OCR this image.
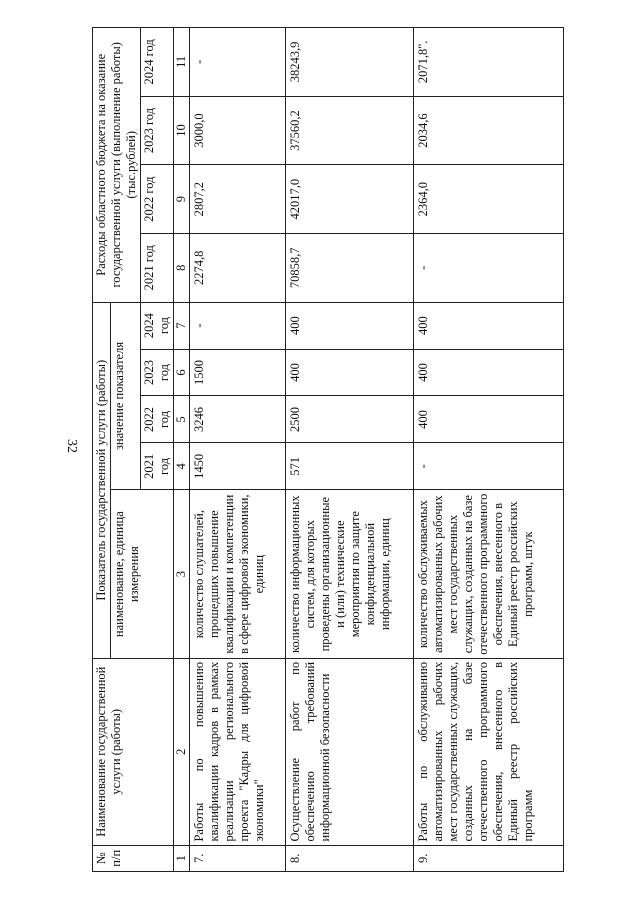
32
№ п/п	Наименование государственной услуги (работы)	Показатель государственной услуги (работы)					Расходы областного бюджета на оказание государственной услуги (выполнение работы) (тыс.рублей)			
		наименование, единица измерения	значение показателя							
			2021 год	2022 год	2023 год	2024 год	2021 год	2022 год	2023 год	2024 год
1	2	3	4	5	6	7	8	9	10	11
7.	Работы по повышению квалификации кадров в рамках реализации регионального проекта "Кадры для цифровой экономики"	количество слушателей, прошедших повышение квалификации и компетенции в сфере цифровой экономики, единиц	1450	3246	1500	-	2274,8	2807,2	3000,0	-
8.	Осуществление работ по обеспечению требований информационной безопасности	количество информационных систем, для которых проведены организационные и (или) технические мероприятия по защите конфиденциальной информации, единиц	571	2500	400	400	70858,7	42017,0	37560,2	38243,9
9.	Работы по обслуживанию автоматизированных рабочих мест государственных служащих, созданных на базе отечественного программного обеспечения, внесенного в Единый реестр российских программ	количество обслуживаемых автоматизированных рабочих мест государственных служащих, созданных на базе отечественного программного обеспечения, внесенного в Единый реестр российских программ, штук	-	400	400	400	-	2364,0	2034,6	2071,8".
